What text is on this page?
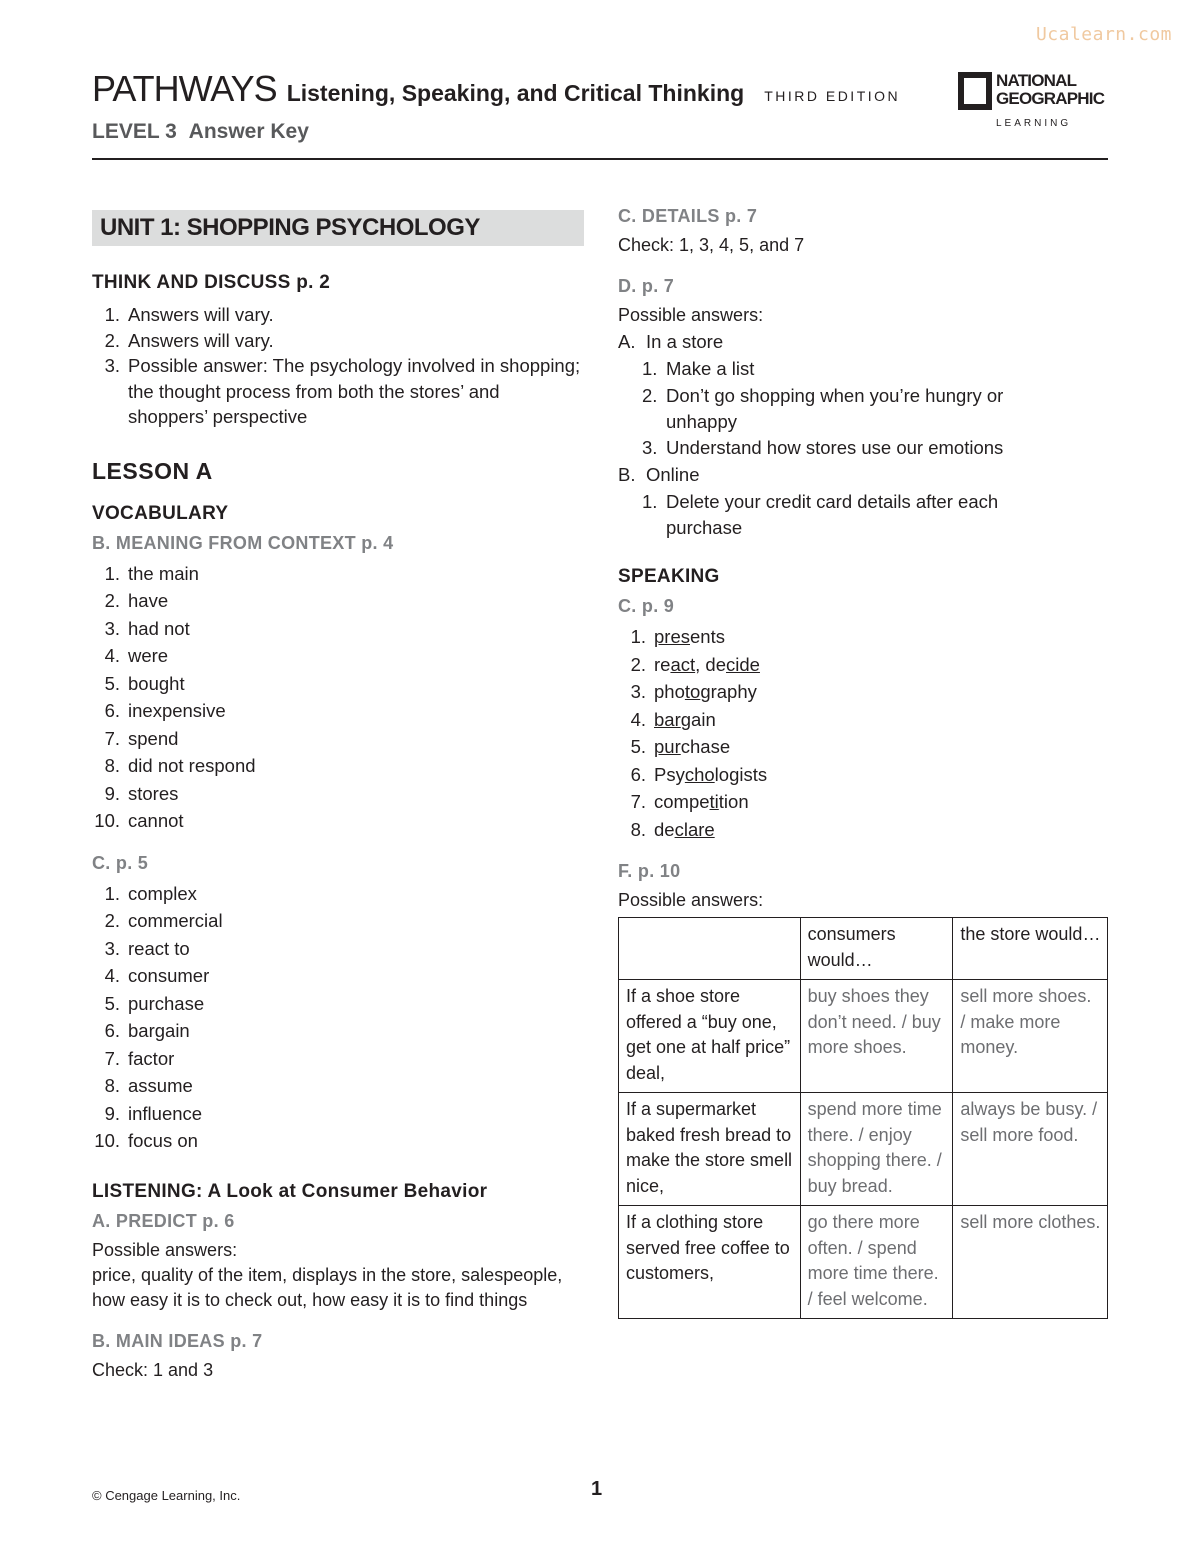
Ucalearn.com
PATHWAYS Listening, Speaking, and Critical Thinking THIRD EDITION
LEVEL 3 Answer Key
NATIONAL
GEOGRAPHIC
LEARNING
UNIT 1: SHOPPING PSYCHOLOGY
THINK AND DISCUSS p. 2
1. Answers will vary.
2. Answers will vary.
3. Possible answer: The psychology involved in shopping; the thought process from both the stores’ and shoppers’ perspective
LESSON A
VOCABULARY
B. MEANING FROM CONTEXT p. 4
1. the main
2. have
3. had not
4. were
5. bought
6. inexpensive
7. spend
8. did not respond
9. stores
10. cannot
C. p. 5
1. complex
2. commercial
3. react to
4. consumer
5. purchase
6. bargain
7. factor
8. assume
9. influence
10. focus on
LISTENING: A Look at Consumer Behavior
A. PREDICT p. 6

Possible answers:

price, quality of the item, displays in the store, salespeople, how easy it is to check out, how easy it is to find things

B. MAIN IDEAS p. 7

Check: 1 and 3

C. DETAILS p. 7

Check: 1, 3, 4, 5, and 7

D. p. 7

Possible answers:

A. In a store
1. Make a list
2. Don’t go shopping when you’re hungry or
unhappy
3. Understand how stores use our emotions
B. Online
1. Delete your credit card details after each
purchase
SPEAKING
C. p. 9
1. presents
2. react, decide
3. photography
4. bargain
5. purchase
6. Psychologists
7. competition
8. declare
F. p. 10

Possible answers:

	consumers would…	the store would…
If a shoe store offered a “buy one, get one at half price” deal,	buy shoes they don’t need. / buy more shoes.	sell more shoes. / make more money.
If a supermarket baked fresh bread to make the store smell nice,	spend more time there. / enjoy shopping there. / buy bread.	always be busy. / sell more food.
If a clothing store served free coffee to customers,	go there more often. / spend more time there. / feel welcome.	sell more clothes.
© Cengage Learning, Inc.	1
